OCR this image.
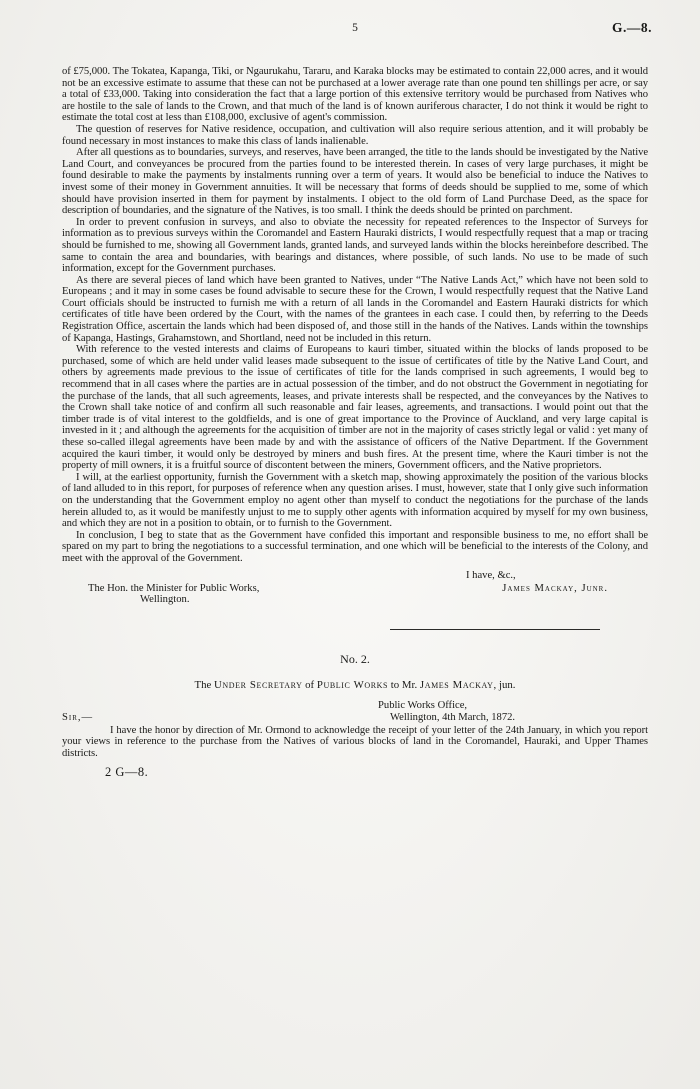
5	G.—8.

of £75,000. The Tokatea, Kapanga, Tiki, or Ngaurukahu, Tararu, and Karaka blocks may be estimated to contain 22,000 acres, and it would not be an excessive estimate to assume that these can not be purchased at a lower average rate than one pound ten shillings per acre, or say a total of £33,000. Taking into consideration the fact that a large portion of this extensive territory would be purchased from Natives who are hostile to the sale of lands to the Crown, and that much of the land is of known auriferous character, I do not think it would be right to estimate the total cost at less than £108,000, exclusive of agent's commission.

The question of reserves for Native residence, occupation, and cultivation will also require serious attention, and it will probably be found necessary in most instances to make this class of lands inalienable.

After all questions as to boundaries, surveys, and reserves, have been arranged, the title to the lands should be investigated by the Native Land Court, and conveyances be procured from the parties found to be interested therein. In cases of very large purchases, it might be found desirable to make the payments by instalments running over a term of years. It would also be beneficial to induce the Natives to invest some of their money in Government annuities. It will be necessary that forms of deeds should be supplied to me, some of which should have provision inserted in them for payment by instalments. I object to the old form of Land Purchase Deed, as the space for description of boundaries, and the signature of the Natives, is too small. I think the deeds should be printed on parchment.

In order to prevent confusion in surveys, and also to obviate the necessity for repeated references to the Inspector of Surveys for information as to previous surveys within the Coromandel and Eastern Hauraki districts, I would respectfully request that a map or tracing should be furnished to me, showing all Government lands, granted lands, and surveyed lands within the blocks hereinbefore described. The same to contain the area and boundaries, with bearings and distances, where possible, of such lands. No use to be made of such information, except for the Government purchases.

As there are several pieces of land which have been granted to Natives, under “The Native Lands Act,” which have not been sold to Europeans ; and it may in some cases be found advisable to secure these for the Crown, I would respectfully request that the Native Land Court officials should be instructed to furnish me with a return of all lands in the Coromandel and Eastern Hauraki districts for which certificates of title have been ordered by the Court, with the names of the grantees in each case. I could then, by referring to the Deeds Registration Office, ascertain the lands which had been disposed of, and those still in the hands of the Natives. Lands within the townships of Kapanga, Hastings, Grahamstown, and Shortland, need not be included in this return.

With reference to the vested interests and claims of Europeans to kauri timber, situated within the blocks of lands proposed to be purchased, some of which are held under valid leases made subsequent to the issue of certificates of title by the Native Land Court, and others by agreements made previous to the issue of certificates of title for the lands comprised in such agreements, I would beg to recommend that in all cases where the parties are in actual possession of the timber, and do not obstruct the Government in negotiating for the purchase of the lands, that all such agreements, leases, and private interests shall be respected, and the conveyances by the Natives to the Crown shall take notice of and confirm all such reasonable and fair leases, agreements, and transactions. I would point out that the timber trade is of vital interest to the goldfields, and is one of great importance to the Province of Auckland, and very large capital is invested in it ; and although the agreements for the acquisition of timber are not in the majority of cases strictly legal or valid : yet many of these so-called illegal agreements have been made by and with the assistance of officers of the Native Department. If the Government acquired the kauri timber, it would only be destroyed by miners and bush fires. At the present time, where the Kauri timber is not the property of mill owners, it is a fruitful source of discontent between the miners, Government officers, and the Native proprietors.

I will, at the earliest opportunity, furnish the Government with a sketch map, showing approximately the position of the various blocks of land alluded to in this report, for purposes of reference when any question arises. I must, however, state that I only give such information on the understanding that the Government employ no agent other than myself to conduct the negotiations for the purchase of the lands herein alluded to, as it would be manifestly unjust to me to supply other agents with information acquired by myself for my own business, and which they are not in a position to obtain, or to furnish to the Government.

In conclusion, I beg to state that as the Government have confided this important and responsible business to me, no effort shall be spared on my part to bring the negotiations to a successful termination, and one which will be beneficial to the interests of the Colony, and meet with the approval of the Government.

I have, &c.,
The Hon. the Minister for Public Works,	James Mackay, Junr.
Wellington.
No. 2.
The Under Secretary of Public Works to Mr. James Mackay, jun.
Public Works Office,
Sir,—	Wellington, 4th March, 1872.

I have the honor by direction of Mr. Ormond to acknowledge the receipt of your letter of the 24th January, in which you report your views in reference to the purchase from the Natives of various blocks of land in the Coromandel, Hauraki, and Upper Thames districts.

2 G—8.
